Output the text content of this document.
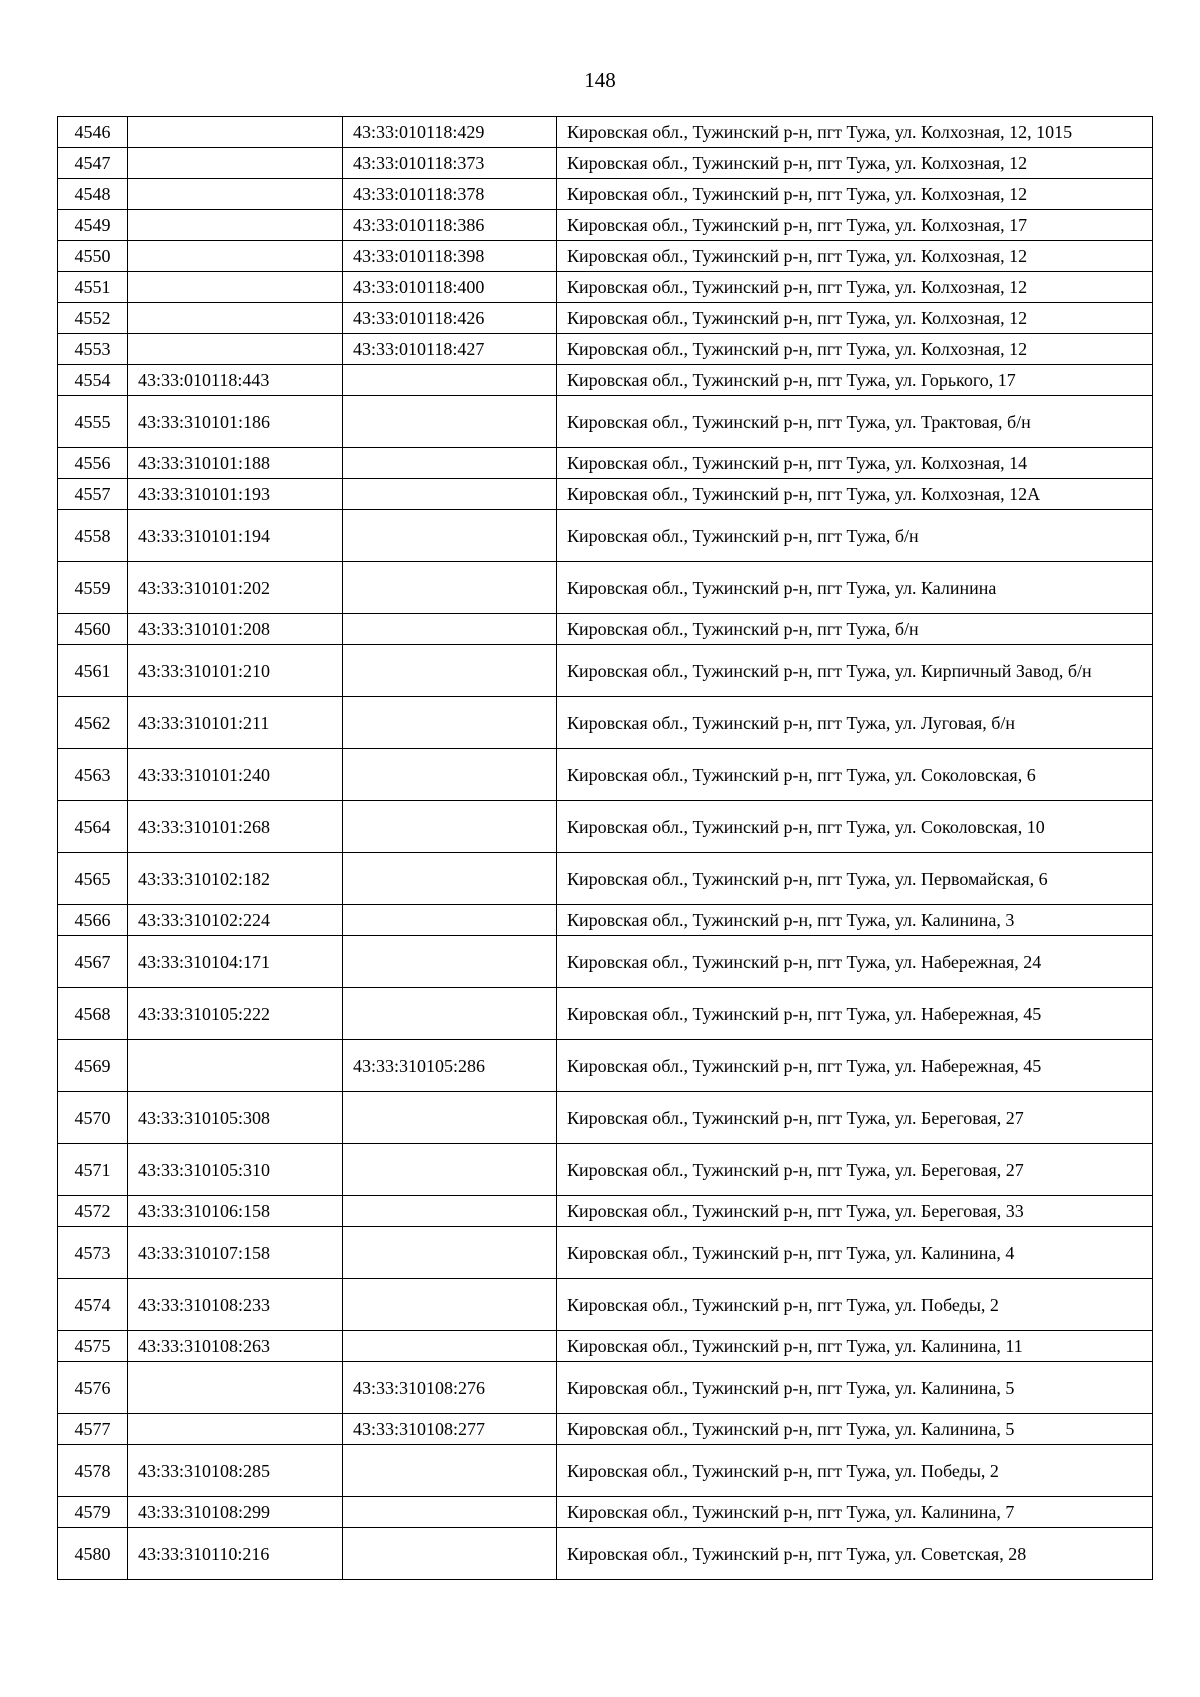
148
4546		43:33:010118:429	Кировская обл., Тужинский р-н, пгт Тужа, ул. Колхозная, 12, 1015
4547		43:33:010118:373	Кировская обл., Тужинский р-н, пгт Тужа, ул. Колхозная, 12
4548		43:33:010118:378	Кировская обл., Тужинский р-н, пгт Тужа, ул. Колхозная, 12
4549		43:33:010118:386	Кировская обл., Тужинский р-н, пгт Тужа, ул. Колхозная, 17
4550		43:33:010118:398	Кировская обл., Тужинский р-н, пгт Тужа, ул. Колхозная, 12
4551		43:33:010118:400	Кировская обл., Тужинский р-н, пгт Тужа, ул. Колхозная, 12
4552		43:33:010118:426	Кировская обл., Тужинский р-н, пгт Тужа, ул. Колхозная, 12
4553		43:33:010118:427	Кировская обл., Тужинский р-н, пгт Тужа, ул. Колхозная, 12
4554	43:33:010118:443		Кировская обл., Тужинский р-н, пгт Тужа, ул. Горького, 17
4555	43:33:310101:186		Кировская обл., Тужинский р-н, пгт Тужа, ул. Трактовая, б/н
4556	43:33:310101:188		Кировская обл., Тужинский р-н, пгт Тужа, ул. Колхозная, 14
4557	43:33:310101:193		Кировская обл., Тужинский р-н, пгт Тужа, ул. Колхозная, 12А
4558	43:33:310101:194		Кировская обл., Тужинский р-н, пгт Тужа, б/н
4559	43:33:310101:202		Кировская обл., Тужинский р-н, пгт Тужа, ул. Калинина
4560	43:33:310101:208		Кировская обл., Тужинский р-н, пгт Тужа, б/н
4561	43:33:310101:210		Кировская обл., Тужинский р-н, пгт Тужа, ул. Кирпичный Завод, б/н
4562	43:33:310101:211		Кировская обл., Тужинский р-н, пгт Тужа, ул. Луговая, б/н
4563	43:33:310101:240		Кировская обл., Тужинский р-н, пгт Тужа, ул. Соколовская, 6
4564	43:33:310101:268		Кировская обл., Тужинский р-н, пгт Тужа, ул. Соколовская, 10
4565	43:33:310102:182		Кировская обл., Тужинский р-н, пгт Тужа, ул. Первомайская, 6
4566	43:33:310102:224		Кировская обл., Тужинский р-н, пгт Тужа, ул. Калинина, 3
4567	43:33:310104:171		Кировская обл., Тужинский р-н, пгт Тужа, ул. Набережная, 24
4568	43:33:310105:222		Кировская обл., Тужинский р-н, пгт Тужа, ул. Набережная, 45
4569		43:33:310105:286	Кировская обл., Тужинский р-н, пгт Тужа, ул. Набережная, 45
4570	43:33:310105:308		Кировская обл., Тужинский р-н, пгт Тужа, ул. Береговая, 27
4571	43:33:310105:310		Кировская обл., Тужинский р-н, пгт Тужа, ул. Береговая, 27
4572	43:33:310106:158		Кировская обл., Тужинский р-н, пгт Тужа, ул. Береговая, 33
4573	43:33:310107:158		Кировская обл., Тужинский р-н, пгт Тужа, ул. Калинина, 4
4574	43:33:310108:233		Кировская обл., Тужинский р-н, пгт Тужа, ул. Победы, 2
4575	43:33:310108:263		Кировская обл., Тужинский р-н, пгт Тужа, ул. Калинина, 11
4576		43:33:310108:276	Кировская обл., Тужинский р-н, пгт Тужа, ул. Калинина, 5
4577		43:33:310108:277	Кировская обл., Тужинский р-н, пгт Тужа, ул. Калинина, 5
4578	43:33:310108:285		Кировская обл., Тужинский р-н, пгт Тужа, ул. Победы, 2
4579	43:33:310108:299		Кировская обл., Тужинский р-н, пгт Тужа, ул. Калинина, 7
4580	43:33:310110:216		Кировская обл., Тужинский р-н, пгт Тужа, ул. Советская, 28
